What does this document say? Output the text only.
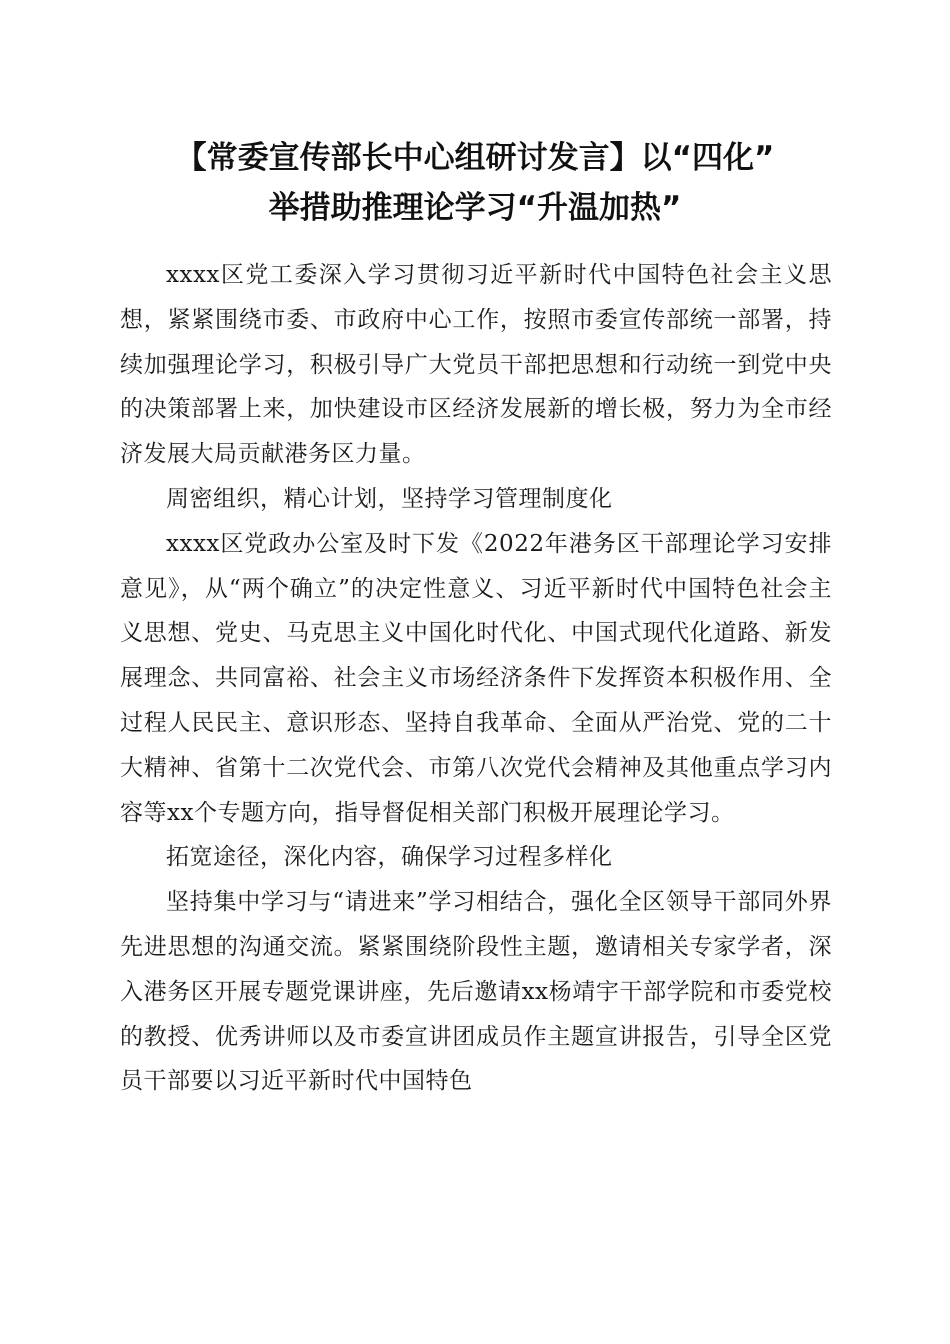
【常委宣传部长中心组研讨发言】以“四化”
举措助推理论学习“升温加热”

xxxx区党工委深入学习贯彻习近平新时代中国特色社会主义思想，紧紧围绕市委、市政府中心工作，按照市委宣传部统一部署，持续加强理论学习，积极引导广大党员干部把思想和行动统一到党中央的决策部署上来，加快建设市区经济发展新的增长极，努力为全市经济发展大局贡献港务区力量。

周密组织，精心计划，坚持学习管理制度化

xxxx区党政办公室及时下发《2022年港务区干部理论学习安排意见》，从“两个确立”的决定性意义、习近平新时代中国特色社会主义思想、党史、马克思主义中国化时代化、中国式现代化道路、新发展理念、共同富裕、社会主义市场经济条件下发挥资本积极作用、全过程人民民主、意识形态、坚持自我革命、全面从严治党、党的二十大精神、省第十二次党代会、市第八次党代会精神及其他重点学习内容等xx个专题方向，指导督促相关部门积极开展理论学习。

拓宽途径，深化内容，确保学习过程多样化

坚持集中学习与“请进来”学习相结合，强化全区领导干部同外界先进思想的沟通交流。紧紧围绕阶段性主题，邀请相关专家学者，深入港务区开展专题党课讲座，先后邀请xx杨靖宇干部学院和市委党校的教授、优秀讲师以及市委宣讲团成员作主题宣讲报告，引导全区党员干部要以习近平新时代中国特色
